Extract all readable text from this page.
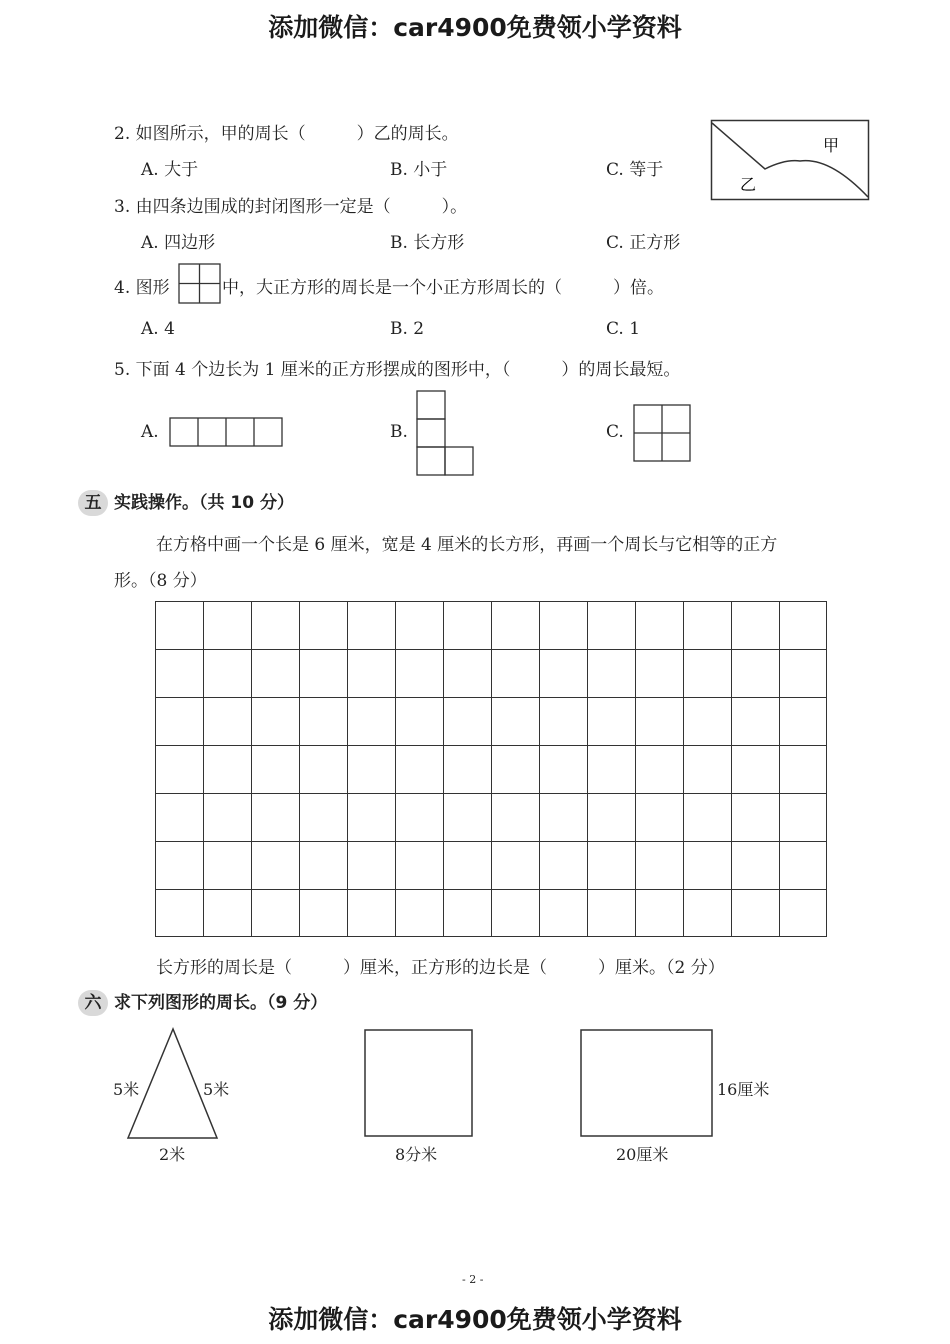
添加微信：car4900免费领小学资料
2. 如图所示，甲的周长（　　　）乙的周长。
A. 大于	B. 小于	C. 等于
甲
乙
3. 由四条边围成的封闭图形一定是（　　　）。
A. 四边形	B. 长方形	C. 正方形
4. 图形	中，大正方形的周长是一个小正方形周长的（　　　）倍。
A. 4	B. 2	C. 1
5. 下面 4 个边长为 1 厘米的正方形摆成的图形中，（　　　）的周长最短。
A.	B.	C.
五 实践操作。（共 10 分）
在方格中画一个长是 6 厘米，宽是 4 厘米的长方形，再画一个周长与它相等的正方
形。（8 分）
长方形的周长是（　　　）厘米，正方形的边长是（　　　）厘米。（2 分）
六 求下列图形的周长。（9 分）
5米	5米
2米	8分米
16厘米
20厘米
- 2 -
添加微信：car4900免费领小学资料
